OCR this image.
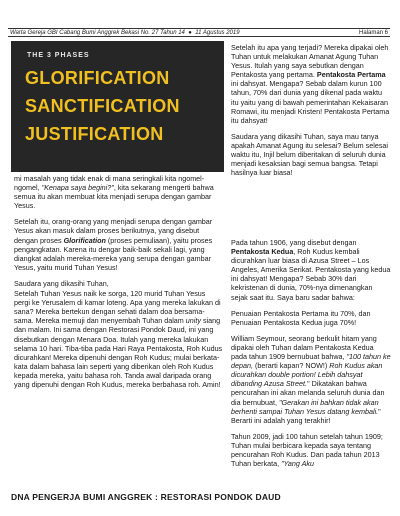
Warta Gereja GBI Cabang Bumi Anggrek Bekasi No. 27 Tahun 14 ● 11 Agustus 2019	Halaman 6
THE 3 PHASES
GLORIFICATION
SANCTIFICATION
JUSTIFICATION

mi masalah yang tidak enak di mana seringkali kita ngomel-ngomel, "Kenapa saya begini?", kita sekarang mengerti bahwa semua itu akan membuat kita menjadi serupa dengan gambar Yesus.

Setelah itu, orang-orang yang menjadi serupa dengan gambar Yesus akan masuk dalam proses berikutnya, yang disebut dengan proses Glorification (proses pemuliaan), yaitu proses pengangkatan. Karena itu dengar baik-baik sekali lagi, yang diangkat adalah mereka-mereka yang serupa dengan gambar Yesus, yaitu murid Tuhan Yesus!

Saudara yang dikasihi Tuhan,

Setelah Tuhan Yesus naik ke sorga, 120 murid Tuhan Yesus pergi ke Yerusalem di kamar loteng. Apa yang mereka lakukan di sana? Mereka bertekun dengan sehati dalam doa bersama-sama. Mereka memuji dan menyembah Tuhan dalam unity siang dan malam. Ini sama dengan Restorasi Pondok Daud, ini yang disebutkan dengan Menara Doa. Itulah yang mereka lakukan selama 10 hari. Tiba-tiba pada Hari Raya Pentakosta, Roh Kudus dicurahkan! Mereka dipenuhi dengan Roh Kudus; mulai berkata-kata dalam bahasa lain seperti yang diberikan oleh Roh Kudus kepada mereka, yaitu bahasa roh. Tanda awal daripada orang yang dipenuhi dengan Roh Kudus, mereka berbahasa roh. Amin!

Setelah itu apa yang terjadi? Mereka dipakai oleh Tuhan untuk melakukan Amanat Agung Tuhan Yesus. Itulah yang saya sebutkan dengan Pentakosta yang pertama. Pentakosta Pertama ini dahsyat. Mengapa? Sebab dalam kurun 100 tahun, 70% dari dunia yang dikenal pada waktu itu yaitu yang di bawah pemerintahan Kekaisaran Romawi, itu menjadi Kristen! Pentakosta Pertama itu dahsyat!

Saudara yang dikasihi Tuhan, saya mau tanya apakah Amanat Agung itu selesai? Belum selesai waktu itu, Injil belum diberitakan di seluruh dunia menjadi kesaksian bagi semua bangsa. Tetapi hasilnya luar biasa!

Pada tahun 1906, yang disebut dengan Pentakosta Kedua, Roh Kudus kembali dicurahkan luar biasa di Azusa Street – Los Angeles, Amerika Serikat. Pentakosta yang kedua ini dahsyat! Mengapa? Sebab 30% dari kekristenan di dunia, 70%-nya dimenangkan sejak saat itu. Saya baru sadar bahwa:

Penuaian Pentakosta Pertama itu 70%, dan Penuaian Pentakosta Kedua juga 70%!

William Seymour, seorang berkulit hitam yang dipakai oleh Tuhan dalam Pentakosta Kedua pada tahun 1909 bernubuat bahwa, "100 tahun ke depan, (berarti kapan? NOW!) Roh Kudus akan dicurahkan double portion! Lebih dahsyat dibanding Azusa Street." Dikatakan bahwa pencurahan ini akan melanda seluruh dunia dan dia bernubuat, "Gerakan ini bahkan tidak akan berhenti sampai Tuhan Yesus datang kembali." Berarti ini adalah yang terakhir!

Tahun 2009, jadi 100 tahun setelah tahun 1909; Tuhan mulai berbicara kepada saya tentang pencurahan Roh Kudus. Dan pada tahun 2013 Tuhan berkata, "Yang Aku

DNA PENGERJA BUMI ANGGREK : RESTORASI PONDOK DAUD
